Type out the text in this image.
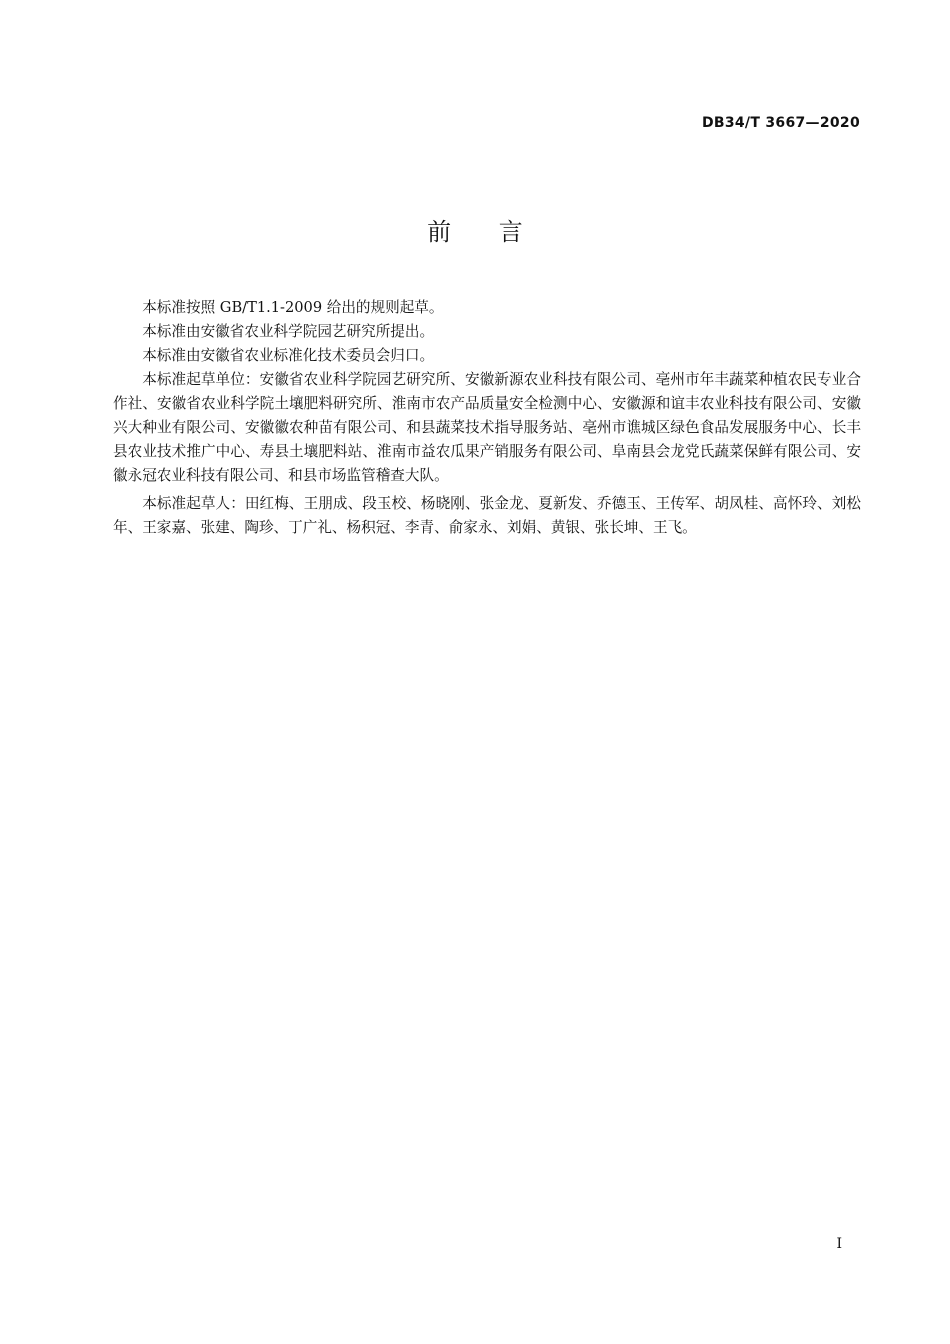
DB34/T 3667—2020
前 言

本标准按照 GB/T1.1-2009 给出的规则起草。

本标准由安徽省农业科学院园艺研究所提出。

本标准由安徽省农业标准化技术委员会归口。

本标准起草单位：安徽省农业科学院园艺研究所、安徽新源农业科技有限公司、亳州市年丰蔬菜种植农民专业合作社、安徽省农业科学院土壤肥料研究所、淮南市农产品质量安全检测中心、安徽源和谊丰农业科技有限公司、安徽兴大种业有限公司、安徽徽农种苗有限公司、和县蔬菜技术指导服务站、亳州市谯城区绿色食品发展服务中心、长丰县农业技术推广中心、寿县土壤肥料站、淮南市益农瓜果产销服务有限公司、阜南县会龙党氏蔬菜保鲜有限公司、安徽永冠农业科技有限公司、和县市场监管稽查大队。

本标准起草人：田红梅、王朋成、段玉校、杨晓刚、张金龙、夏新发、乔德玉、王传军、胡凤桂、高怀玲、刘松年、王家嘉、张建、陶珍、丁广礼、杨积冠、李青、俞家永、刘娟、黄银、张长坤、王飞。

I
